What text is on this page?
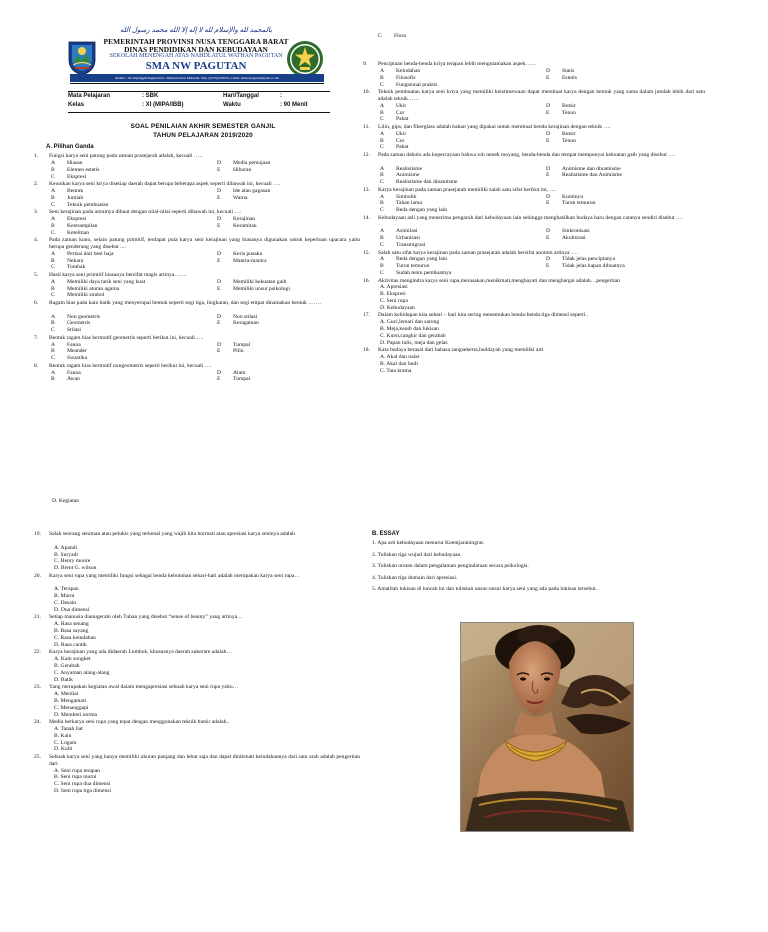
بالمحمد لله والإسلام لله لا إله إلا الله محمد رسول الله
PEMERINTAH PROVINSI NUSA TENGGARA BARAT
DINAS PENDIDIKAN DAN KEBUDAYAAN
SEKOLAH MENENGAH ATAS NAHDLATUL WATHAN PAGUTAN
SMA NW PAGUTAN
Alamat : Jln. Pejanggik Pagutan Kec. Mataram Kota Mataram, Telp. (0370) 635035, e-mail: smanwpagutan@yahoo.com
Mata Pelajaran	: SBK	Hari/Tanggal	:
Kelas	: XI (MIPA/IBB)	Waktu	: 90 Menit
SOAL PENILAIAN AKHIR SEMESTER GANJIL
TAHUN PELAJARAN 2019/2020
A. Pilihan Ganda
1. Fungsi karya seni patung pada zaman prasejarah adalah, kecuali …..
A Hiasan	D Media pemujaan
B Elemen estetis	E Hiburan
C Ekspresi
2. Keunikan karya seni kriya disetiap daerah dapat berupa beberapa aspek seperti dibawah ini, kecuali ….
A Bentuk	D Ide atau gagasan
B Jumlah	E Warna
C Teknik pembuatan
3. Seni kerajinan pada umumya dibuat dengan nilai-nilai seperti dibawah ini, kecuali ….
A Ekspresi	D Kerajinan
B Keterampilan	E Keramitan
C Ketelitian
4. Pada zaman kuno, selain patung primitif, terdapat pula karya seni kerajinan yang biasanya digunakan untuk keperluan upacara yaitu berupa genderang yang disebut ....
A Perisai dari besi baja	D Keris pusaka
B Nekara	E Mantra-mantra
C Tombak
5. Hasil karya seni primitif biasanya bersifat magis artinya…….
A Memiliki daya tarik seni yang kuat	D Memiliki kekuatan gaib
B Memiliki aturan agama	E Memiliki unsur psikologi
C Memiliki simbol
6. Ragam hias pada kain batik yang menyerupai bentuk seperti segi tiga, lingkaran, dan segi empat dinamakan bentuk …….
A Non geometris	D Non stilasi
B Geometris	E Keragaman
C Stilasi
7. Bentuk ragam hias bermotif geometris seperti berikut ini, kecuali…..
A Fauna	D Tumpal
B Meander	E Pilin
C Swastika
8. Bentuk ragam hias bermotif nongeometris seperti berikut ini, kecuali ….
A Fauna	D Alam
B Awan	E Tumpal
D. Kegiatan
C Flora
9. Penciptaan benda-benda kriya terapan lebih mengutamakan aspek……
A Keindahan	D Statis
B Filosofis	E Estetis
C Fungsional praktis
10. Teknik pembuatan karya seni kriya yang memiliki keistimewaan dapat membuat karya dengan bentuk yang sama dalam jumlah lebih dari satu adalah teknik……
A Ukir	D Butsir
B Cor	E Tenun
C Pahat
11. Lilin, gips, dan fiberglass adalah bahan yang dipakai untuk membuat benda kerajinan dengan teknik ….
A Ukir	D Butsir
B Cor	E Tenun
C Pahat
12. Pada zaman dahulu ada kepercayaan bahwa roh nenek moyang, benda-benda dan tempat mempunyai kekuatan gaib yang disebut ….
A Realistisme	D Animisme dan dinamisme
B Animisme	E Realistisme dan Animisme
C Realistisme dan dinamisme
13. Karya kerajinan pada zaman prasejarah memiliki salah satu sifat berikut ini, ….
A Simbolik	D Kontinyu
B Tahan lama	E Turun temurun
C Beda dengan yang lain
14. Kebudayaan asli yang menerima pengaruh dari kebudayaan lain sehingga menghasilkan budaya baru dengan caranya sendiri disebut ….
A Asimilasi	D Sinkronisasi
B Urbanisasi	E Akulturasi
C Transmigrasi
15. Salah satu sifat karya kerajinan pada zaman prasejarah adalah bersifat anonim artinya ….
A Beda dengan yang lain	D Tidak jelas penciptanya
B Turun temurun	E Tidak jelas kapan dibuatnya
C Sudah tentu pembuatnya
16. Aktivitas mengindra karya seni rupa,merasakan,menikmati,menghayati dan menghargai adalah…pengertian
A. Apresiasi
B. Ekspresi
C. Seni rupa
D. Kebudayaan
17. Dalam kehidupan kita sehari – hari kita sering menemukan benda-benda tiga dimensi seperti..
A. Guci,lemari dan sarung
B. Meja,kendi dan lukisan
C. Kursi,cangkir dan gerabah
D. Papan tulis, meja dan gelas
18. Kata budaya berasal dari bahasa sangsekerta,buddayah yang memiliki arti
A. Akal dan nalar
B. Akal dan budi
C. Tata krama
19. Salah seorang seniman atau pelukis yang terkenal yang wajib kita hormati atau apresiasi karya seninya adalah
A. Apandi
B. Suryadi
C. Henry moore
D. Brent G. wilson
20. Karya seni rupa yang memiliki fungsi sebagai benda kebutuhan sehari-hari adalah merupakan karya seni rupa…
A. Terapan
B. Murni
C. Desain
D. Dua dimensi
21. Setiap manusia dianugerahi oleh Tuhan yang disebut “sense of beauty” yang artinya…
A. Rasa senang
B. Rasa sayang
C. Rasa keindahan
D. Rasa cantik
22. Karya kerajinan yang ada didaerah Lombok, khususnya daerah sukerare adalah…
A. Kain songket
B. Gerabah
C. Anyaman alang-alang
D. Batik
23. Yang merupakan kegiatan awal dalam mengapresiasi sebuah karya seni rupa yaitu…
A. Menilai
B. Mengamati
C. Menanggapi
D. Memberi norma
24. Media berkarya seni rupa yang tepat dengan menggunakan teknik butsir adalah..
A. Tanah liat
B. Kain
C. Logam
D. Kulit
25. Sebuah karya seni yang hanya memiliki ukuran panjang dan lebar saja dan dapat dinikmati keindahannya dari satu arah adalah pengertian dari
A. Seni rupa terapan
B. Seni rupa murni
C. Seni rupa dua dimensi
D. Seni rupa tiga dimensi
B. ESSAY
1. Apa arti kebudayaan menurut Koentjaraningrat.
2. Tuliskan tiga wujud dari kebudayaan.
3. Tuliskan urutan dalam pengalaman pengindaraan secara psikologis.
4. Tuliskan tiga domain dari apresiasi.
5. Amatilah lukisan di bawah ini dan tuliskan unsur-unsur karya seni yang ada pada lukisan tersebut.
